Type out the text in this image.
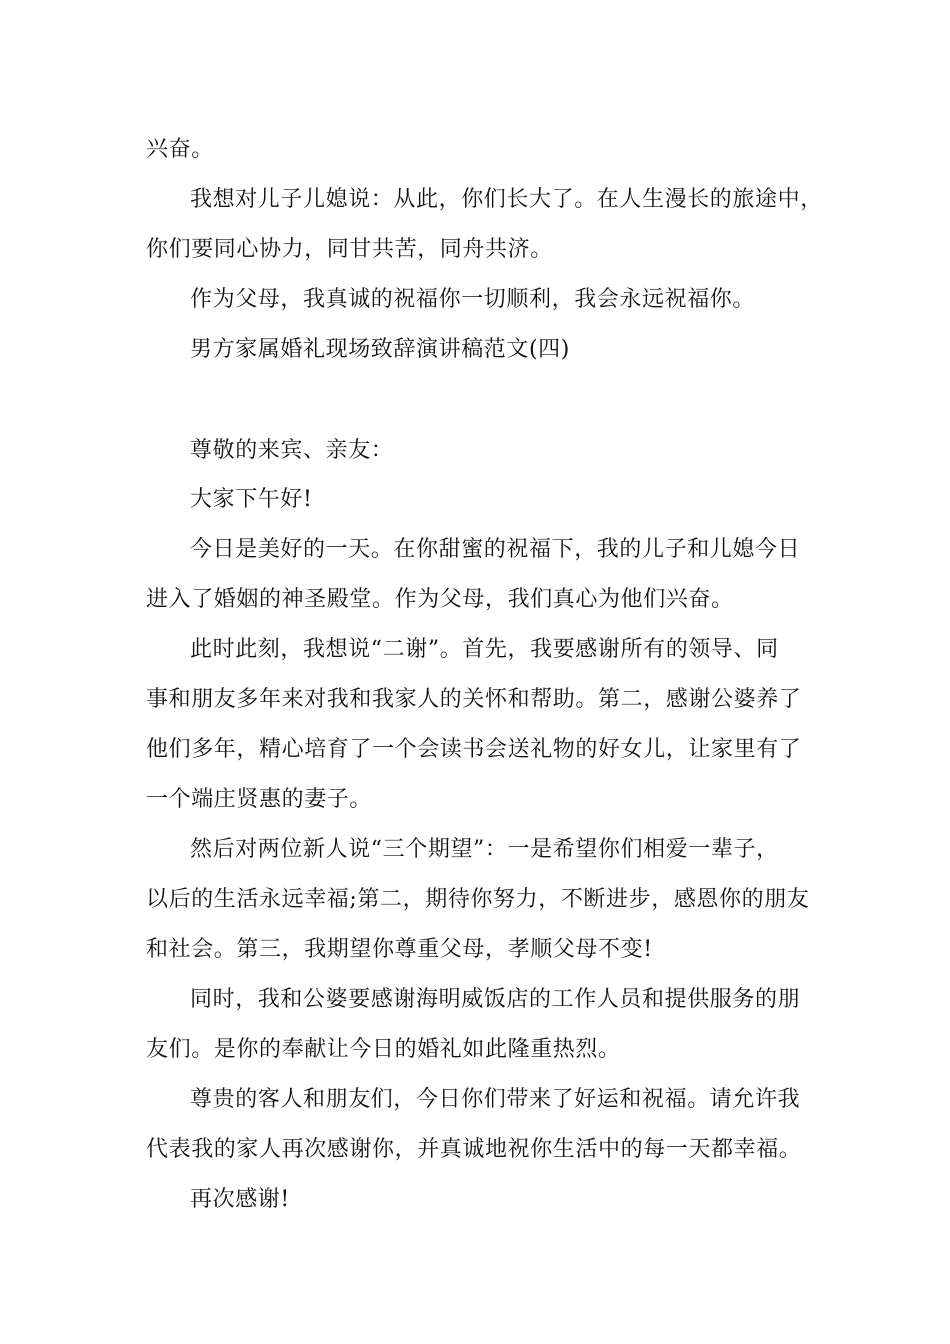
兴奋。
我想对儿子儿媳说：从此，你们长大了。在人生漫长的旅途中，
你们要同心协力，同甘共苦，同舟共济。
作为父母，我真诚的祝福你一切顺利，我会永远祝福你。
男方家属婚礼现场致辞演讲稿范文(四)
尊敬的来宾、亲友：
大家下午好!
今日是美好的一天。在你甜蜜的祝福下，我的儿子和儿媳今日
进入了婚姻的神圣殿堂。作为父母，我们真心为他们兴奋。
此时此刻，我想说“二谢”。首先，我要感谢所有的领导、同
事和朋友多年来对我和我家人的关怀和帮助。第二，感谢公婆养了
他们多年，精心培育了一个会读书会送礼物的好女儿，让家里有了
一个端庄贤惠的妻子。
然后对两位新人说“三个期望”：一是希望你们相爱一辈子，
以后的生活永远幸福;第二，期待你努力，不断进步，感恩你的朋友
和社会。第三，我期望你尊重父母，孝顺父母不变!
同时，我和公婆要感谢海明威饭店的工作人员和提供服务的朋
友们。是你的奉献让今日的婚礼如此隆重热烈。
尊贵的客人和朋友们，今日你们带来了好运和祝福。请允许我
代表我的家人再次感谢你，并真诚地祝你生活中的每一天都幸福。
再次感谢!
